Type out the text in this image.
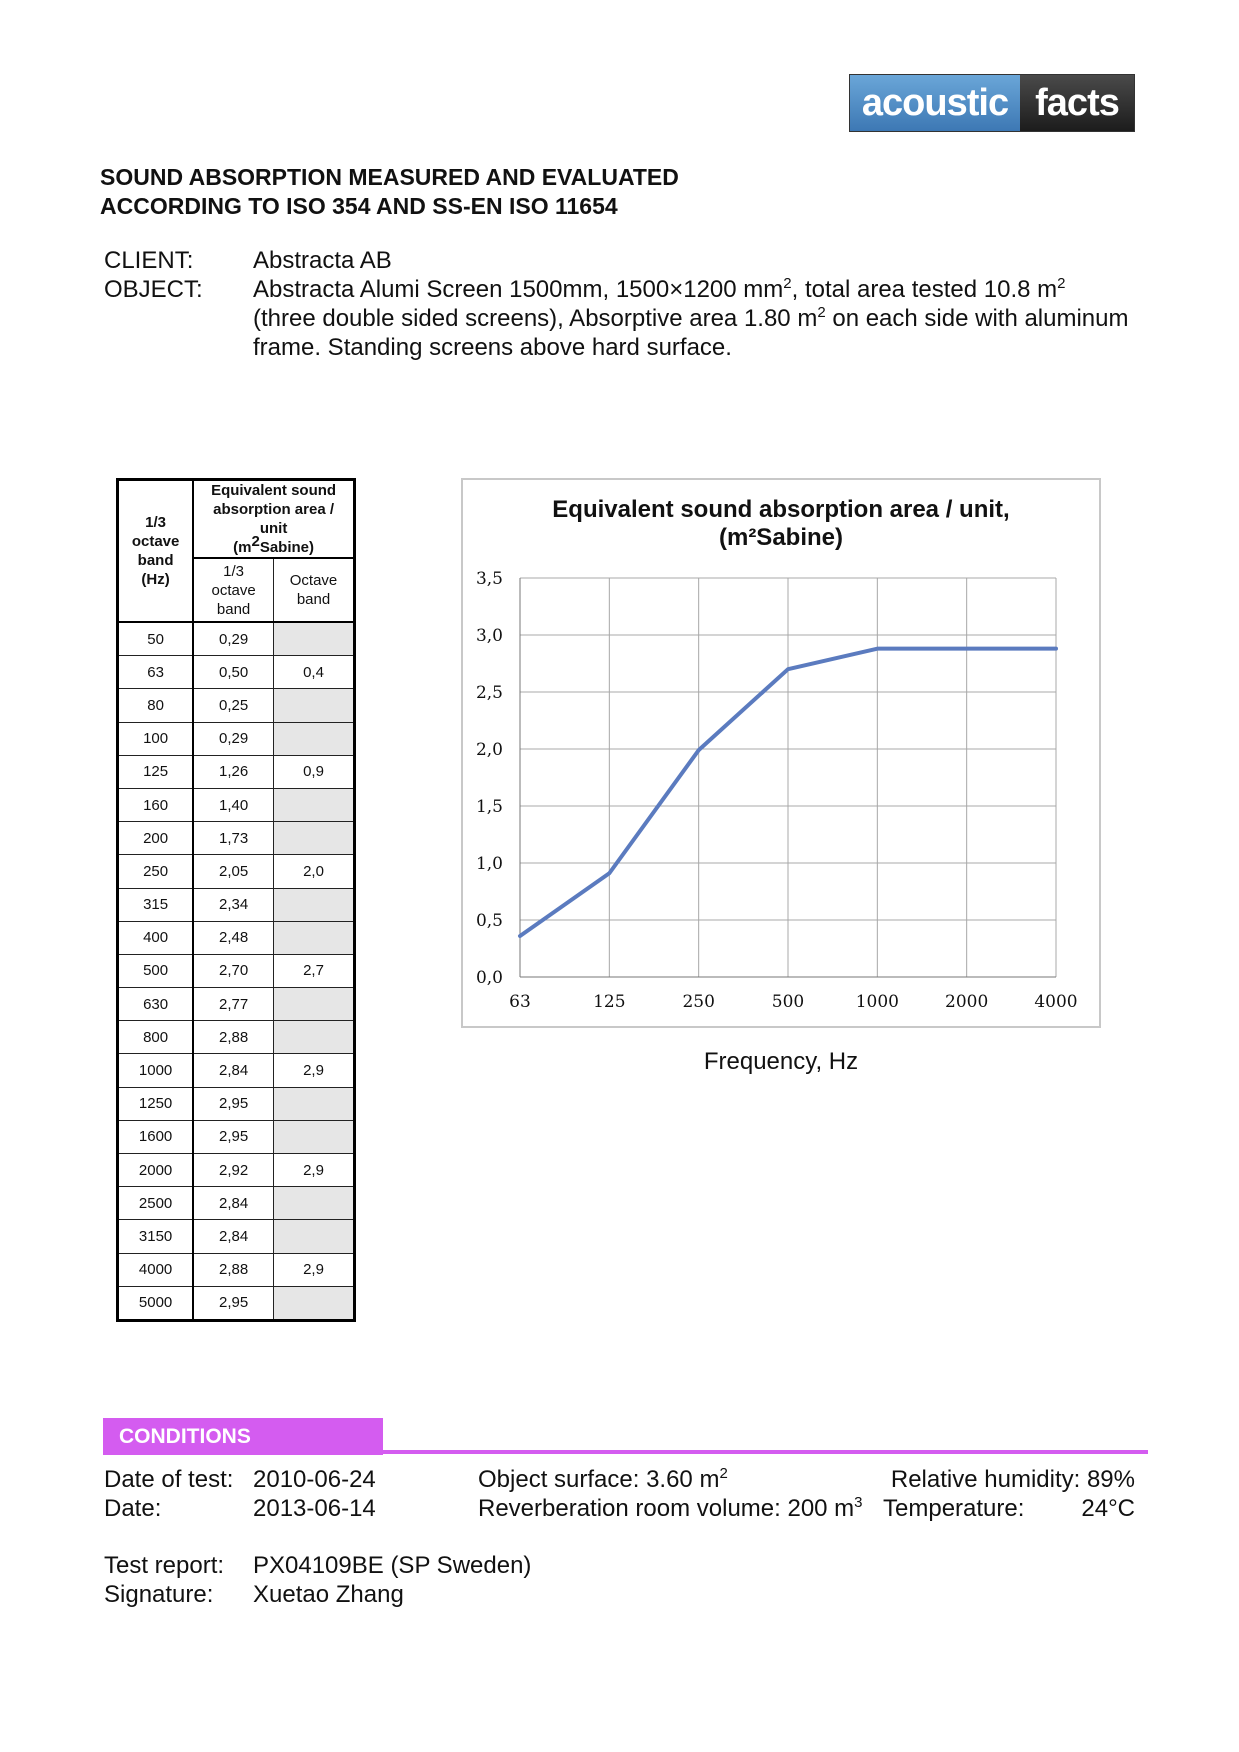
acoustic facts
SOUND ABSORPTION MEASURED AND EVALUATED
ACCORDING TO ISO 354 AND SS-EN ISO 11654
CLIENT: Abstracta AB
OBJECT: Abstracta Alumi Screen 1500mm, 1500×1200 $mm^2$, total area tested 10.8 $m^2$
(three double sided screens), Absorptive area 1.80 $m^2$ on each side with aluminum frame. Standing screens above hard surface.
1/3
octave
band
(Hz)	Equivalent sound
absorption area /
unit
$(m^2Sabine)$	
	1/3
octave
band	Octave
band
50	0,29	
63	0,50	0,4
80	0,25	
100	0,29	
125	1,26	0,9
160	1,40	
200	1,73	
250	2,05	2,0
315	2,34	
400	2,48	
500	2,70	2,7
630	2,77	
800	2,88	
1000	2,84	2,9
1250	2,95	
1600	2,95	
2000	2,92	2,9
2500	2,84	
3150	2,84	
4000	2,88	2,9
5000	2,95	
0,0
0,5
1,0
1,5
2,0
2,5
3,0
3,5
63	125	250	500	1000	2000	4000
Equivalent sound absorption area / unit,
(m²Sabine)
Frequency, Hz
CONDITIONS
Date of test: 2010-06-24
Date:	2013-06-14
Object surface: 3.60 $m^2$
Reverberation room volume: 200 $m^3$
Relative humidity: 89%
Temperature: 24°C
Test report: PX04109BE (SP Sweden)
Signature: Xuetao Zhang
